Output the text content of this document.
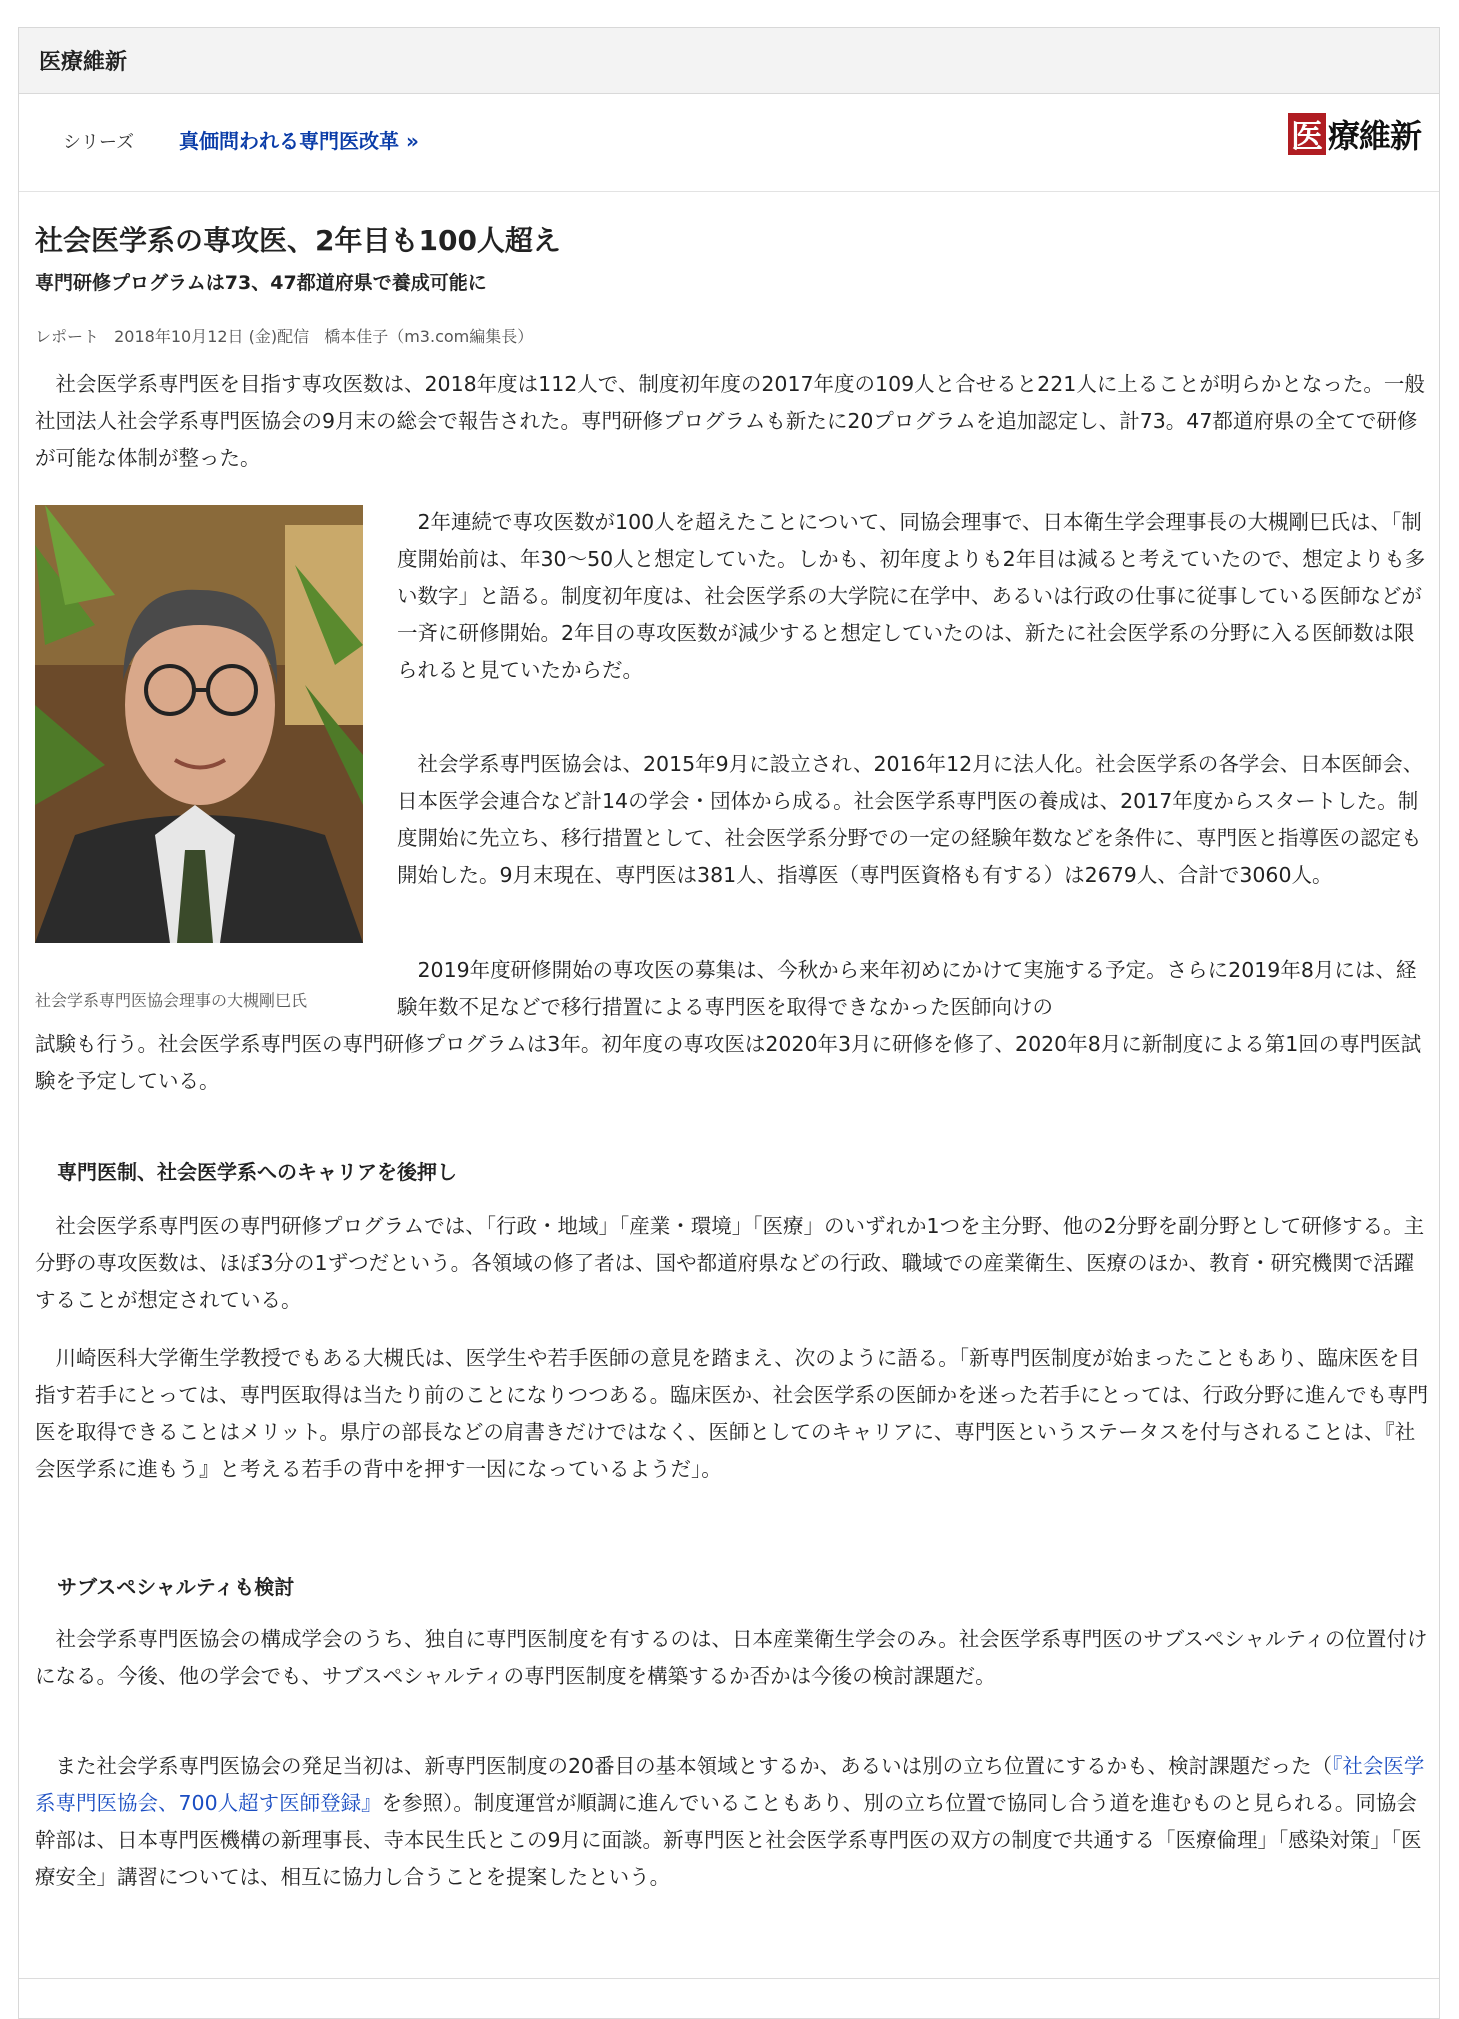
医療維新
シリーズ 真価問われる専門医改革 »	医 療維新
社会医学系の専攻医、2年目も100人超え
専門研修プログラムは73、47都道府県で養成可能に
レポート 2018年10月12日 (金)配信 橋本佳子（m3.com編集長）

社会医学系専門医を目指す専攻医数は、2018年度は112人で、制度初年度の2017年度の109人と合せると221人に上ることが明らかとなった。一般社団法人社会学系専門医協会の9月末の総会で報告された。専門研修プログラムも新たに20プログラムを追加認定し、計73。47都道府県の全てで研修が可能な体制が整った。

2年連続で専攻医数が100人を超えたことについて、同協会理事で、日本衛生学会理事長の大槻剛巳氏は、「制度開始前は、年30～50人と想定していた。しかも、初年度よりも2年目は減ると考えていたので、想定よりも多い数字」と語る。制度初年度は、社会医学系の大学院に在学中、あるいは行政の仕事に従事している医師などが一斉に研修開始。2年目の専攻医数が減少すると想定していたのは、新たに社会医学系の分野に入る医師数は限られると見ていたからだ。

社会学系専門医協会は、2015年9月に設立され、2016年12月に法人化。社会医学系の各学会、日本医師会、日本医学会連合など計14の学会・団体から成る。社会医学系専門医の養成は、2017年度からスタートした。制度開始に先立ち、移行措置として、社会医学系分野での一定の経験年数などを条件に、専門医と指導医の認定も開始した。9月末現在、専門医は381人、指導医（専門医資格も有する）は2679人、合計で3060人。

社会学系専門医協会理事の大槻剛巳氏

2019年度研修開始の専攻医の募集は、今秋から来年初めにかけて実施する予定。さらに2019年8月には、経験年数不足などで移行措置による専門医を取得できなかった医師向けの

試験も行う。社会医学系専門医の専門研修プログラムは3年。初年度の専攻医は2020年3月に研修を修了、2020年8月に新制度による第1回の専門医試験を予定している。

専門医制、社会医学系へのキャリアを後押し

社会医学系専門医の専門研修プログラムでは、「行政・地域」「産業・環境」「医療」のいずれか1つを主分野、他の2分野を副分野として研修する。主分野の専攻医数は、ほぼ3分の1ずつだという。各領域の修了者は、国や都道府県などの行政、職域での産業衛生、医療のほか、教育・研究機関で活躍することが想定されている。

川崎医科大学衛生学教授でもある大槻氏は、医学生や若手医師の意見を踏まえ、次のように語る。「新専門医制度が始まったこともあり、臨床医を目指す若手にとっては、専門医取得は当たり前のことになりつつある。臨床医か、社会医学系の医師かを迷った若手にとっては、行政分野に進んでも専門医を取得できることはメリット。県庁の部長などの肩書きだけではなく、医師としてのキャリアに、専門医というステータスを付与されることは、『社会医学系に進もう』と考える若手の背中を押す一因になっているようだ」。

サブスペシャルティも検討

社会学系専門医協会の構成学会のうち、独自に専門医制度を有するのは、日本産業衛生学会のみ。社会医学系専門医のサブスペシャルティの位置付けになる。今後、他の学会でも、サブスペシャルティの専門医制度を構築するか否かは今後の検討課題だ。

また社会学系専門医協会の発足当初は、新専門医制度の20番目の基本領域とするか、あるいは別の立ち位置にするかも、検討課題だった（『社会医学系専門医協会、700人超す医師登録』を参照）。制度運営が順調に進んでいることもあり、別の立ち位置で協同し合う道を進むものと見られる。同協会幹部は、日本専門医機構の新理事長、寺本民生氏とこの9月に面談。新専門医と社会医学系専門医の双方の制度で共通する「医療倫理」「感染対策」「医療安全」講習については、相互に協力し合うことを提案したという。
